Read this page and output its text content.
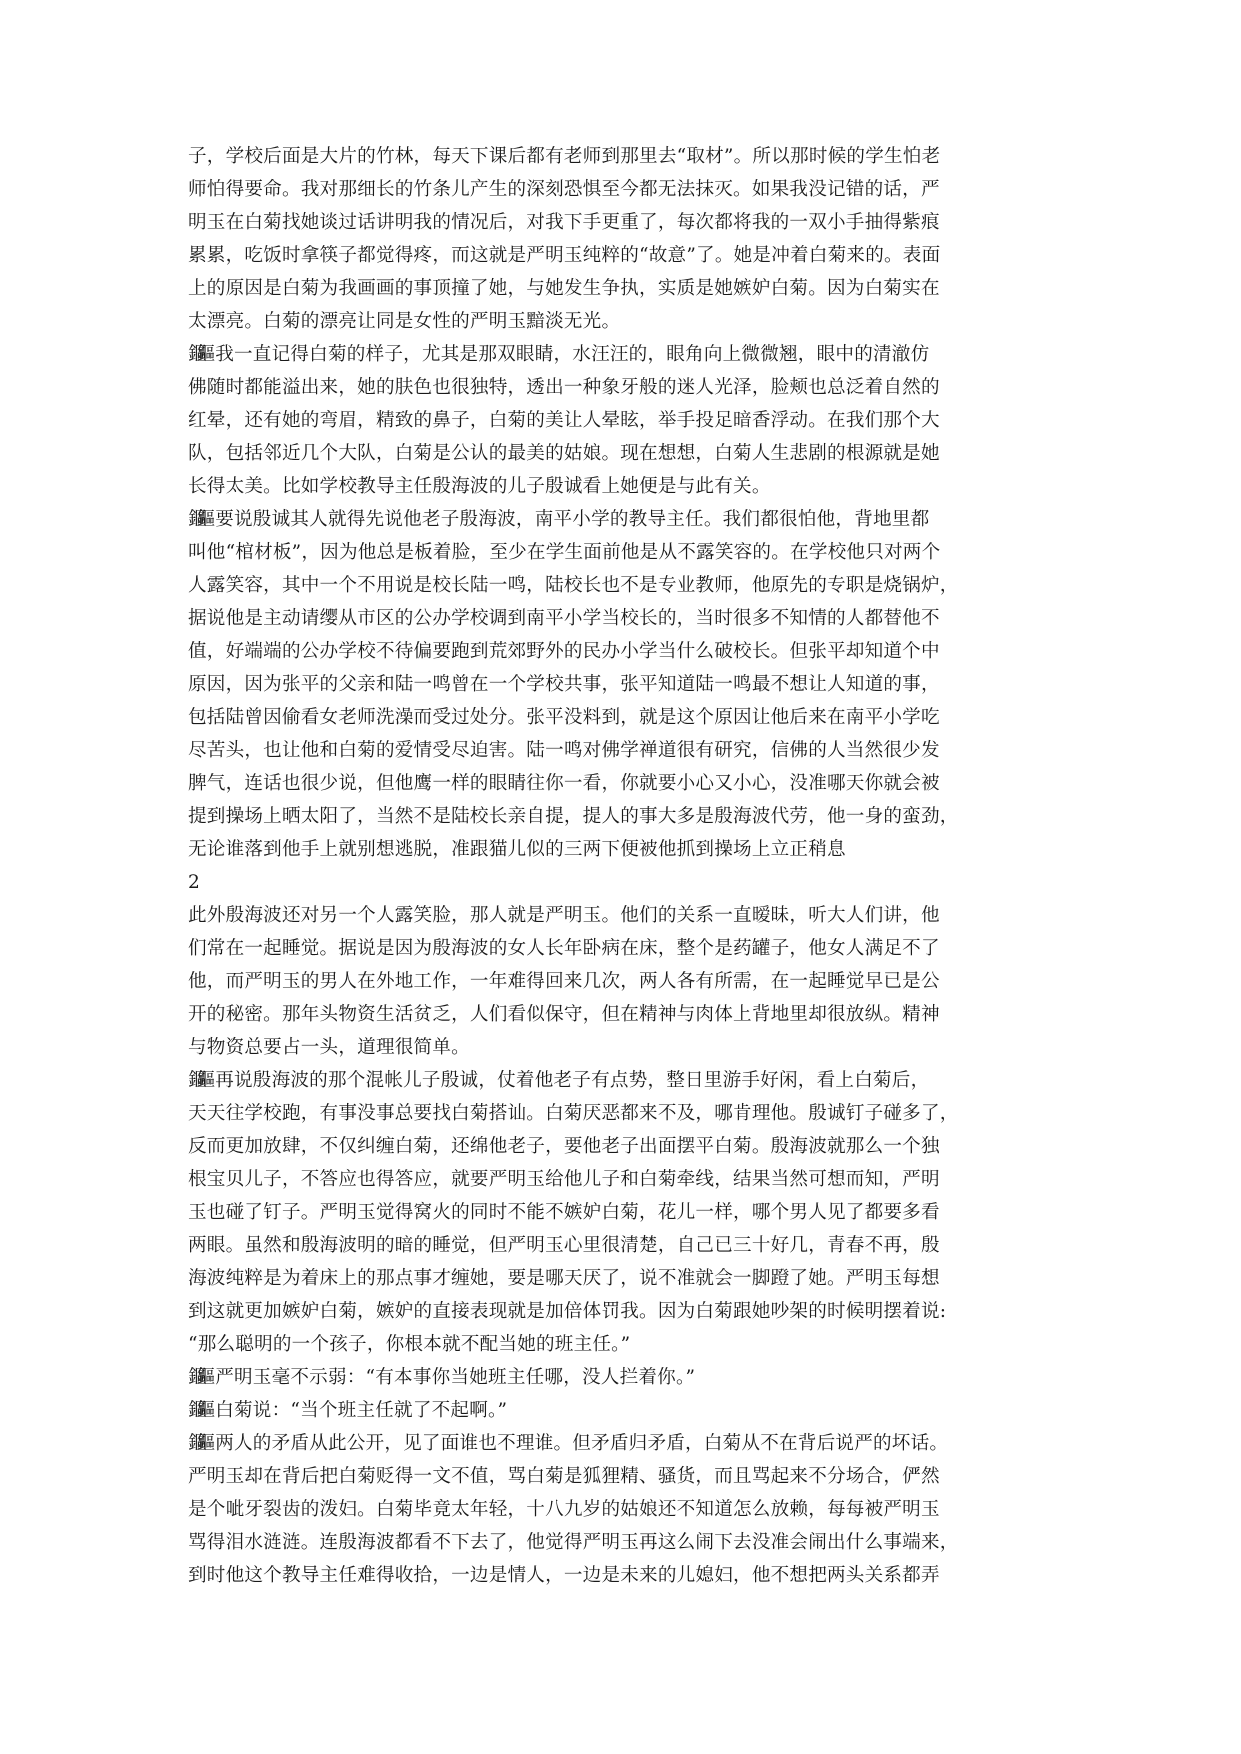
子，学校后面是大片的竹林，每天下课后都有老师到那里去“取材”。所以那时候的学生怕老
师怕得要命。我对那细长的竹条儿产生的深刻恐惧至今都无法抹灭。如果我没记错的话，严
明玉在白菊找她谈过话讲明我的情况后，对我下手更重了，每次都将我的一双小手抽得紫痕
累累，吃饭时拿筷子都觉得疼，而这就是严明玉纯粹的“故意”了。她是冲着白菊来的。表面
上的原因是白菊为我画画的事顶撞了她，与她发生争执，实质是她嫉妒白菊。因为白菊实在
太漂亮。白菊的漂亮让同是女性的严明玉黯淡无光。
鏂鏂 我一直记得白菊的样子，尤其是那双眼睛，水汪汪的，眼角向上微微翘，眼中的清澈仿
佛随时都能溢出来，她的肤色也很独特，透出一种象牙般的迷人光泽，脸颊也总泛着自然的
红晕，还有她的弯眉，精致的鼻子，白菊的美让人晕眩，举手投足暗香浮动。在我们那个大
队，包括邻近几个大队，白菊是公认的最美的姑娘。现在想想，白菊人生悲剧的根源就是她
长得太美。比如学校教导主任殷海波的儿子殷诚看上她便是与此有关。
鏂鏂 要说殷诚其人就得先说他老子殷海波，南平小学的教导主任。我们都很怕他，背地里都
叫他“棺材板”，因为他总是板着脸，至少在学生面前他是从不露笑容的。在学校他只对两个
人露笑容，其中一个不用说是校长陆一鸣，陆校长也不是专业教师，他原先的专职是烧锅炉，
据说他是主动请缨从市区的公办学校调到南平小学当校长的，当时很多不知情的人都替他不
值，好端端的公办学校不待偏要跑到荒郊野外的民办小学当什么破校长。但张平却知道个中
原因，因为张平的父亲和陆一鸣曾在一个学校共事，张平知道陆一鸣最不想让人知道的事，
包括陆曾因偷看女老师洗澡而受过处分。张平没料到，就是这个原因让他后来在南平小学吃
尽苦头，也让他和白菊的爱情受尽迫害。陆一鸣对佛学禅道很有研究，信佛的人当然很少发
脾气，连话也很少说，但他鹰一样的眼睛往你一看，你就要小心又小心，没准哪天你就会被
提到操场上晒太阳了，当然不是陆校长亲自提，提人的事大多是殷海波代劳，他一身的蛮劲，
无论谁落到他手上就别想逃脱，准跟猫儿似的三两下便被他抓到操场上立正稍息
2
此外殷海波还对另一个人露笑脸，那人就是严明玉。他们的关系一直暧昧，听大人们讲，他
们常在一起睡觉。据说是因为殷海波的女人长年卧病在床，整个是药罐子，他女人满足不了
他，而严明玉的男人在外地工作，一年难得回来几次，两人各有所需，在一起睡觉早已是公
开的秘密。那年头物资生活贫乏，人们看似保守，但在精神与肉体上背地里却很放纵。精神
与物资总要占一头，道理很简单。
鏂鏂 再说殷海波的那个混帐儿子殷诚，仗着他老子有点势，整日里游手好闲，看上白菊后，
天天往学校跑，有事没事总要找白菊搭讪。白菊厌恶都来不及，哪肯理他。殷诚钉子碰多了，
反而更加放肆，不仅纠缠白菊，还绵他老子，要他老子出面摆平白菊。殷海波就那么一个独
根宝贝儿子，不答应也得答应，就要严明玉给他儿子和白菊牵线，结果当然可想而知，严明
玉也碰了钉子。严明玉觉得窝火的同时不能不嫉妒白菊，花儿一样，哪个男人见了都要多看
两眼。虽然和殷海波明的暗的睡觉，但严明玉心里很清楚，自己已三十好几，青春不再，殷
海波纯粹是为着床上的那点事才缠她，要是哪天厌了，说不准就会一脚蹬了她。严明玉每想
到这就更加嫉妒白菊，嫉妒的直接表现就是加倍体罚我。因为白菊跟她吵架的时候明摆着说:
“那么聪明的一个孩子，你根本就不配当她的班主任。”
鏂鏂 严明玉毫不示弱：“有本事你当她班主任哪，没人拦着你。”
鏂鏂 白菊说：“当个班主任就了不起啊。”
鏂鏂 两人的矛盾从此公开，见了面谁也不理谁。但矛盾归矛盾，白菊从不在背后说严的坏话。
严明玉却在背后把白菊贬得一文不值，骂白菊是狐狸精、骚货，而且骂起来不分场合，俨然
是个呲牙裂齿的泼妇。白菊毕竟太年轻，十八九岁的姑娘还不知道怎么放赖，每每被严明玉
骂得泪水涟涟。连殷海波都看不下去了，他觉得严明玉再这么闹下去没准会闹出什么事端来，
到时他这个教导主任难得收拾，一边是情人，一边是未来的儿媳妇，他不想把两头关系都弄
